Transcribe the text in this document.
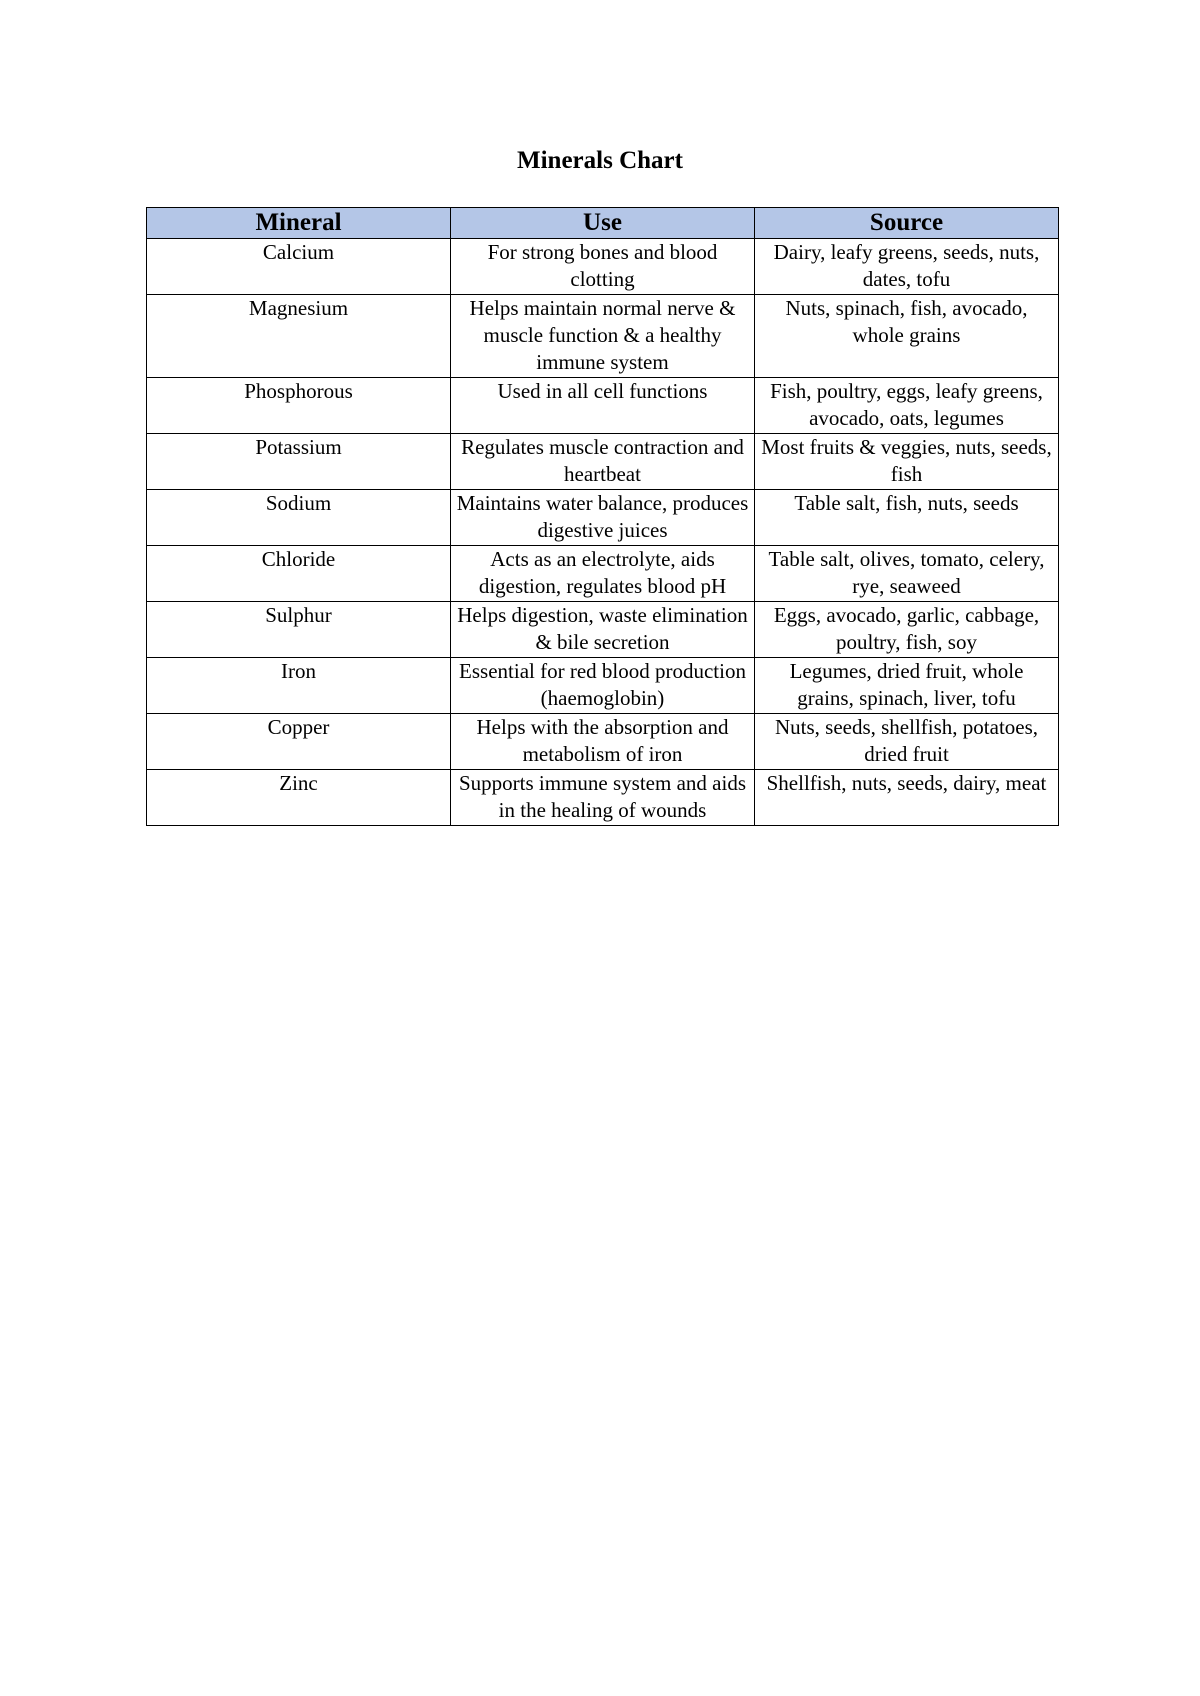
Minerals Chart
Mineral	Use	Source
Calcium	For strong bones and blood clotting	Dairy, leafy greens, seeds, nuts, dates, tofu
Magnesium	Helps maintain normal nerve & muscle function & a healthy immune system	Nuts, spinach, fish, avocado, whole grains
Phosphorous	Used in all cell functions	Fish, poultry, eggs, leafy greens, avocado, oats, legumes
Potassium	Regulates muscle contraction and heartbeat	Most fruits & veggies, nuts, seeds, fish
Sodium	Maintains water balance, produces digestive juices	Table salt, fish, nuts, seeds
Chloride	Acts as an electrolyte, aids digestion, regulates blood pH	Table salt, olives, tomato, celery, rye, seaweed
Sulphur	Helps digestion, waste elimination & bile secretion	Eggs, avocado, garlic, cabbage, poultry, fish, soy
Iron	Essential for red blood production (haemoglobin)	Legumes, dried fruit, whole grains, spinach, liver, tofu
Copper	Helps with the absorption and metabolism of iron	Nuts, seeds, shellfish, potatoes, dried fruit
Zinc	Supports immune system and aids in the healing of wounds	Shellfish, nuts, seeds, dairy, meat
